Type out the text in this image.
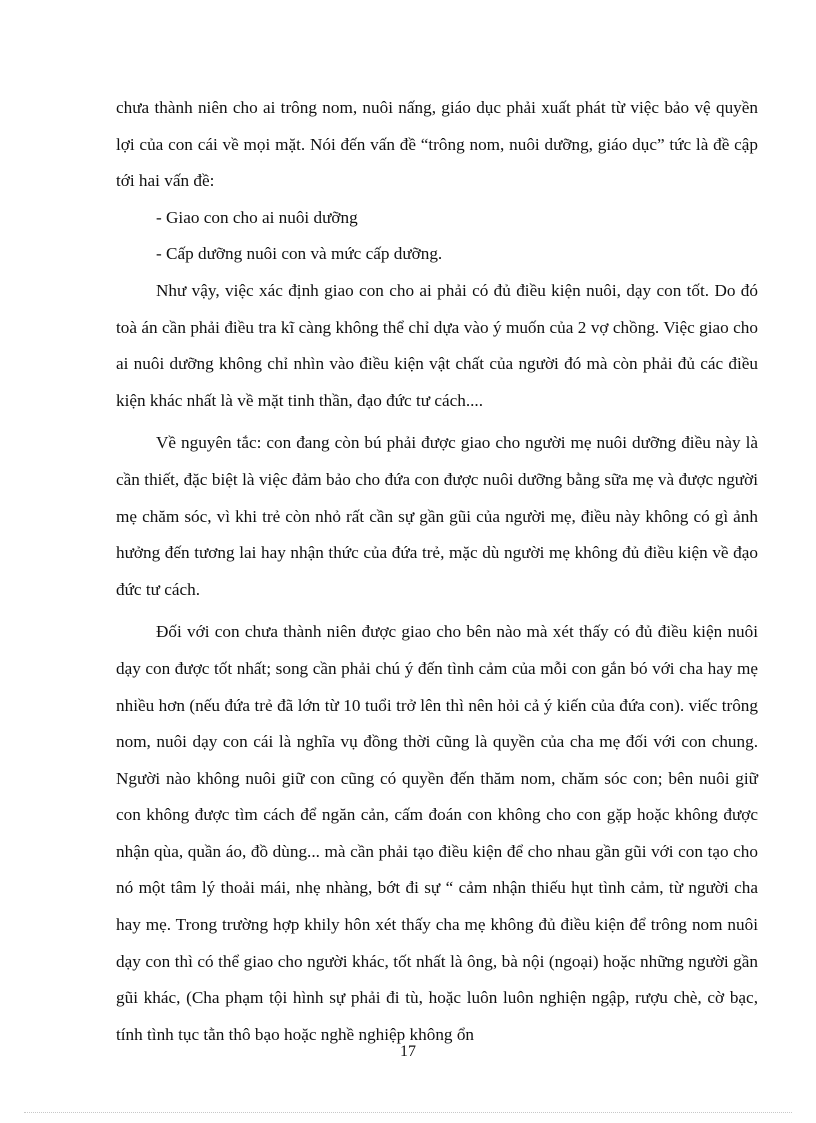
chưa thành niên cho ai trông nom, nuôi nấng, giáo dục phải xuất phát từ việc bảo vệ quyền lợi của con cái về mọi mặt. Nói đến vấn đề “trông nom, nuôi dưỡng, giáo dục” tức là đề cập tới hai vấn đề:

- Giao con cho ai nuôi dưỡng

- Cấp dưỡng nuôi con và mức cấp dưỡng.

Như vậy, việc xác định giao con cho ai phải có đủ điều kiện nuôi, dạy con tốt. Do đó toà án cần phải điều tra kĩ càng không thể chỉ dựa vào ý muốn của 2 vợ chồng. Việc giao cho ai nuôi dưỡng không chỉ nhìn vào điều kiện vật chất của người đó mà còn phải đủ các điều kiện khác nhất là về mặt tinh thần, đạo đức tư cách....

Về nguyên tắc: con đang còn bú phải được giao cho người mẹ nuôi dưỡng điều này là cần thiết, đặc biệt là việc đảm bảo cho đứa con được nuôi dưỡng bằng sữa mẹ và được người mẹ chăm sóc, vì khi trẻ còn nhỏ rất cần sự gần gũi của người mẹ, điều này không có gì ảnh hưởng đến tương lai hay nhận thức của đứa trẻ, mặc dù người mẹ không đủ điều kiện về đạo đức tư cách.

Đối với con chưa thành niên được giao cho bên nào mà xét thấy có đủ điều kiện nuôi dạy con được tốt nhất; song cần phải chú ý đến tình cảm của mỗi con gắn bó với cha hay mẹ nhiều hơn (nếu đứa trẻ đã lớn từ 10 tuổi trở lên thì nên hỏi cả ý kiến của đứa con). viếc trông nom, nuôi dạy con cái là nghĩa vụ đồng thời cũng là quyền của cha mẹ đối với con chung. Người nào không nuôi giữ con cũng có quyền đến thăm nom, chăm sóc con; bên nuôi giữ con không được tìm cách để ngăn cản, cấm đoán con không cho con gặp hoặc không được nhận qùa, quần áo, đồ dùng... mà cần phải tạo điều kiện để cho nhau gần gũi với con tạo cho nó một tâm lý thoải mái, nhẹ nhàng, bớt đi sự “ cảm nhận thiếu hụt tình cảm, từ người cha hay mẹ. Trong trường hợp khily hôn xét thấy cha mẹ không đủ điều kiện để trông nom nuôi dạy con thì có thể giao cho người khác, tốt nhất là ông, bà nội (ngoại) hoặc những người gần gũi khác, (Cha phạm tội hình sự phải đi tù, hoặc luôn luôn nghiện ngập, rượu chè, cờ bạc, tính tình tục tằn thô bạo hoặc nghề nghiệp không ổn

17
